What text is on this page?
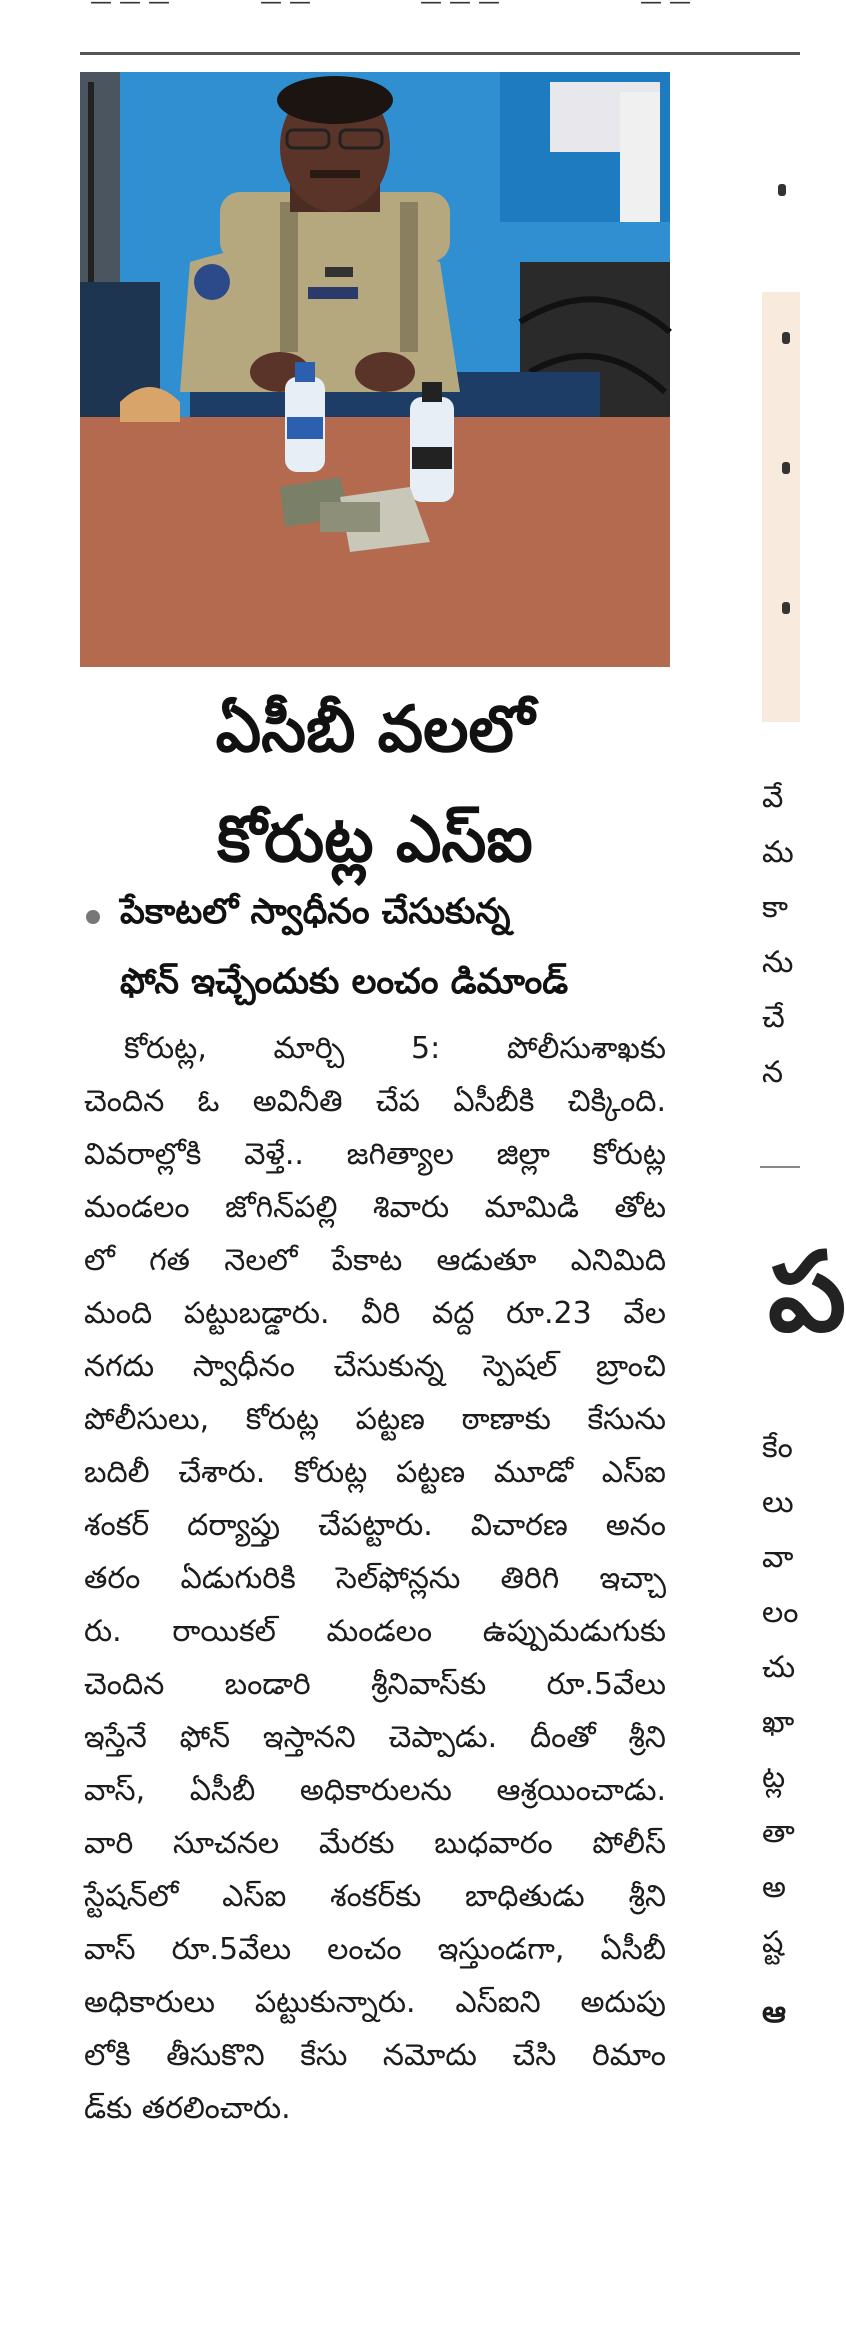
— — —	— —	— — —	— —
ఏసీబీ వలలో
కోరుట్ల ఎస్ఐ
పేకాటలో స్వాధీనం చేసుకున్న
ఫోన్ ఇచ్చేందుకు లంచం డిమాండ్
కోరుట్ల, మార్చి 5: పోలీసుశాఖకు
చెందిన ఓ అవినీతి చేప ఏసీబీకి చిక్కింది.
వివరాల్లోకి వెళ్తే.. జగిత్యాల జిల్లా కోరుట్ల
మండలం జోగిన్‌పల్లి శివారు మామిడి తోట
లో గత నెలలో పేకాట ఆడుతూ ఎనిమిది
మంది పట్టుబడ్డారు. వీరి వద్ద రూ.23 వేల
నగదు స్వాధీనం చేసుకున్న స్పెషల్ బ్రాంచి
పోలీసులు, కోరుట్ల పట్టణ ఠాణాకు కేసును
బదిలీ చేశారు. కోరుట్ల పట్టణ మూడో ఎస్ఐ
శంకర్ దర్యాప్తు చేపట్టారు. విచారణ అనం
తరం ఏడుగురికి సెల్‌ఫోన్లను తిరిగి ఇచ్చా
రు. రాయికల్ మండలం ఉప్పుమడుగుకు
చెందిన బండారి శ్రీనివాస్‌కు రూ.5వేలు
ఇస్తేనే ఫోన్ ఇస్తానని చెప్పాడు. దీంతో శ్రీని
వాస్, ఏసీబీ అధికారులను ఆశ్రయించాడు.
వారి సూచనల మేరకు బుధవారం పోలీస్
స్టేషన్‌లో ఎస్ఐ శంకర్‌కు బాధితుడు శ్రీని
వాస్ రూ.5వేలు లంచం ఇస్తుండగా, ఏసీబీ
అధికారులు పట్టుకున్నారు. ఎస్ఐని అదుపు
లోకి తీసుకొని కేసు నమోదు చేసి రిమాం
డ్‌కు తరలించారు.
వే
మ
కా
ను
చే
న
ప
కేం
లు
వా
లం
చు
ఖా
ట్ల
తా
అ
ష్ట
ఆ
